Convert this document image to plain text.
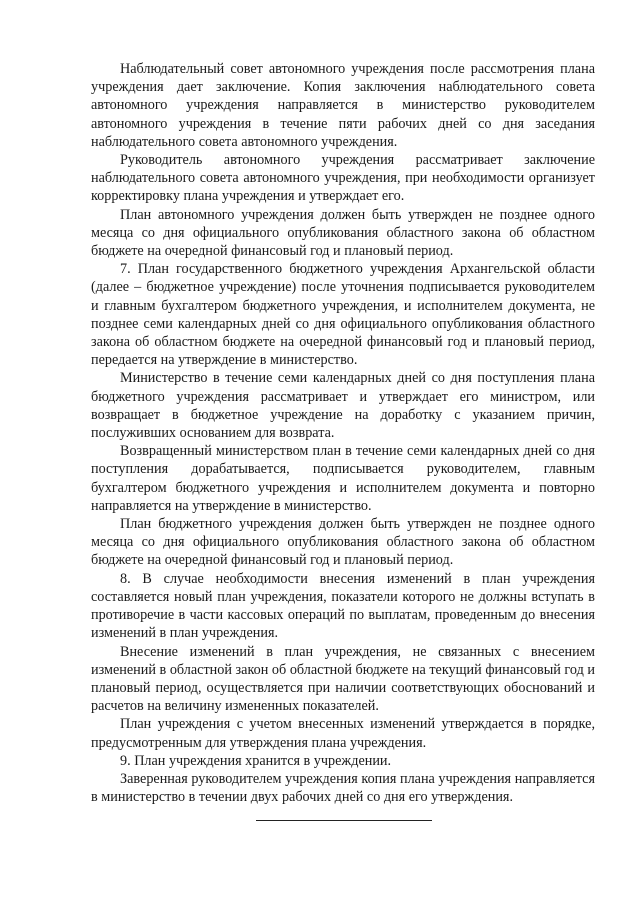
Наблюдательный совет автономного учреждения после рассмотрения плана учреждения дает заключение. Копия заключения наблюдательного совета автономного учреждения направляется в министерство руководителем автономного учреждения в течение пяти рабочих дней со дня заседания наблюдательного совета автономного учреждения.

Руководитель автономного учреждения рассматривает заключение наблюдательного совета автономного учреждения, при необходимости организует корректировку плана учреждения и утверждает его.

План автономного учреждения должен быть утвержден не позднее одного месяца со дня официального опубликования областного закона об областном бюджете на очередной финансовый год и плановый период.

7. План государственного бюджетного учреждения Архангельской области (далее – бюджетное учреждение) после уточнения подписывается руководителем и главным бухгалтером бюджетного учреждения, и исполнителем документа, не позднее семи календарных дней со дня официального опубликования областного закона об областном бюджете на очередной финансовый год и плановый период, передается на утверждение в министерство.

Министерство в течение семи календарных дней со дня поступления плана бюджетного учреждения рассматривает и утверждает его министром, или возвращает в бюджетное учреждение на доработку с указанием причин, послуживших основанием для возврата.

Возвращенный министерством план в течение семи календарных дней со дня поступления дорабатывается, подписывается руководителем, главным бухгалтером бюджетного учреждения и исполнителем документа и повторно направляется на утверждение в министерство.

План бюджетного учреждения должен быть утвержден не позднее одного месяца со дня официального опубликования областного закона об областном бюджете на очередной финансовый год и плановый период.

8. В случае необходимости внесения изменений в план учреждения составляется новый план учреждения, показатели которого не должны вступать в противоречие в части кассовых операций по выплатам, проведенным до внесения изменений в план учреждения.

Внесение изменений в план учреждения, не связанных с внесением изменений в областной закон об областной бюджете на текущий финансовый год и плановый период, осуществляется при наличии соответствующих обоснований и расчетов на величину измененных показателей.

План учреждения с учетом внесенных изменений утверждается в порядке, предусмотренным для утверждения плана учреждения.

9. План учреждения хранится в учреждении.

Заверенная руководителем учреждения копия плана учреждения направляется в министерство в течении двух рабочих дней со дня его утверждения.
